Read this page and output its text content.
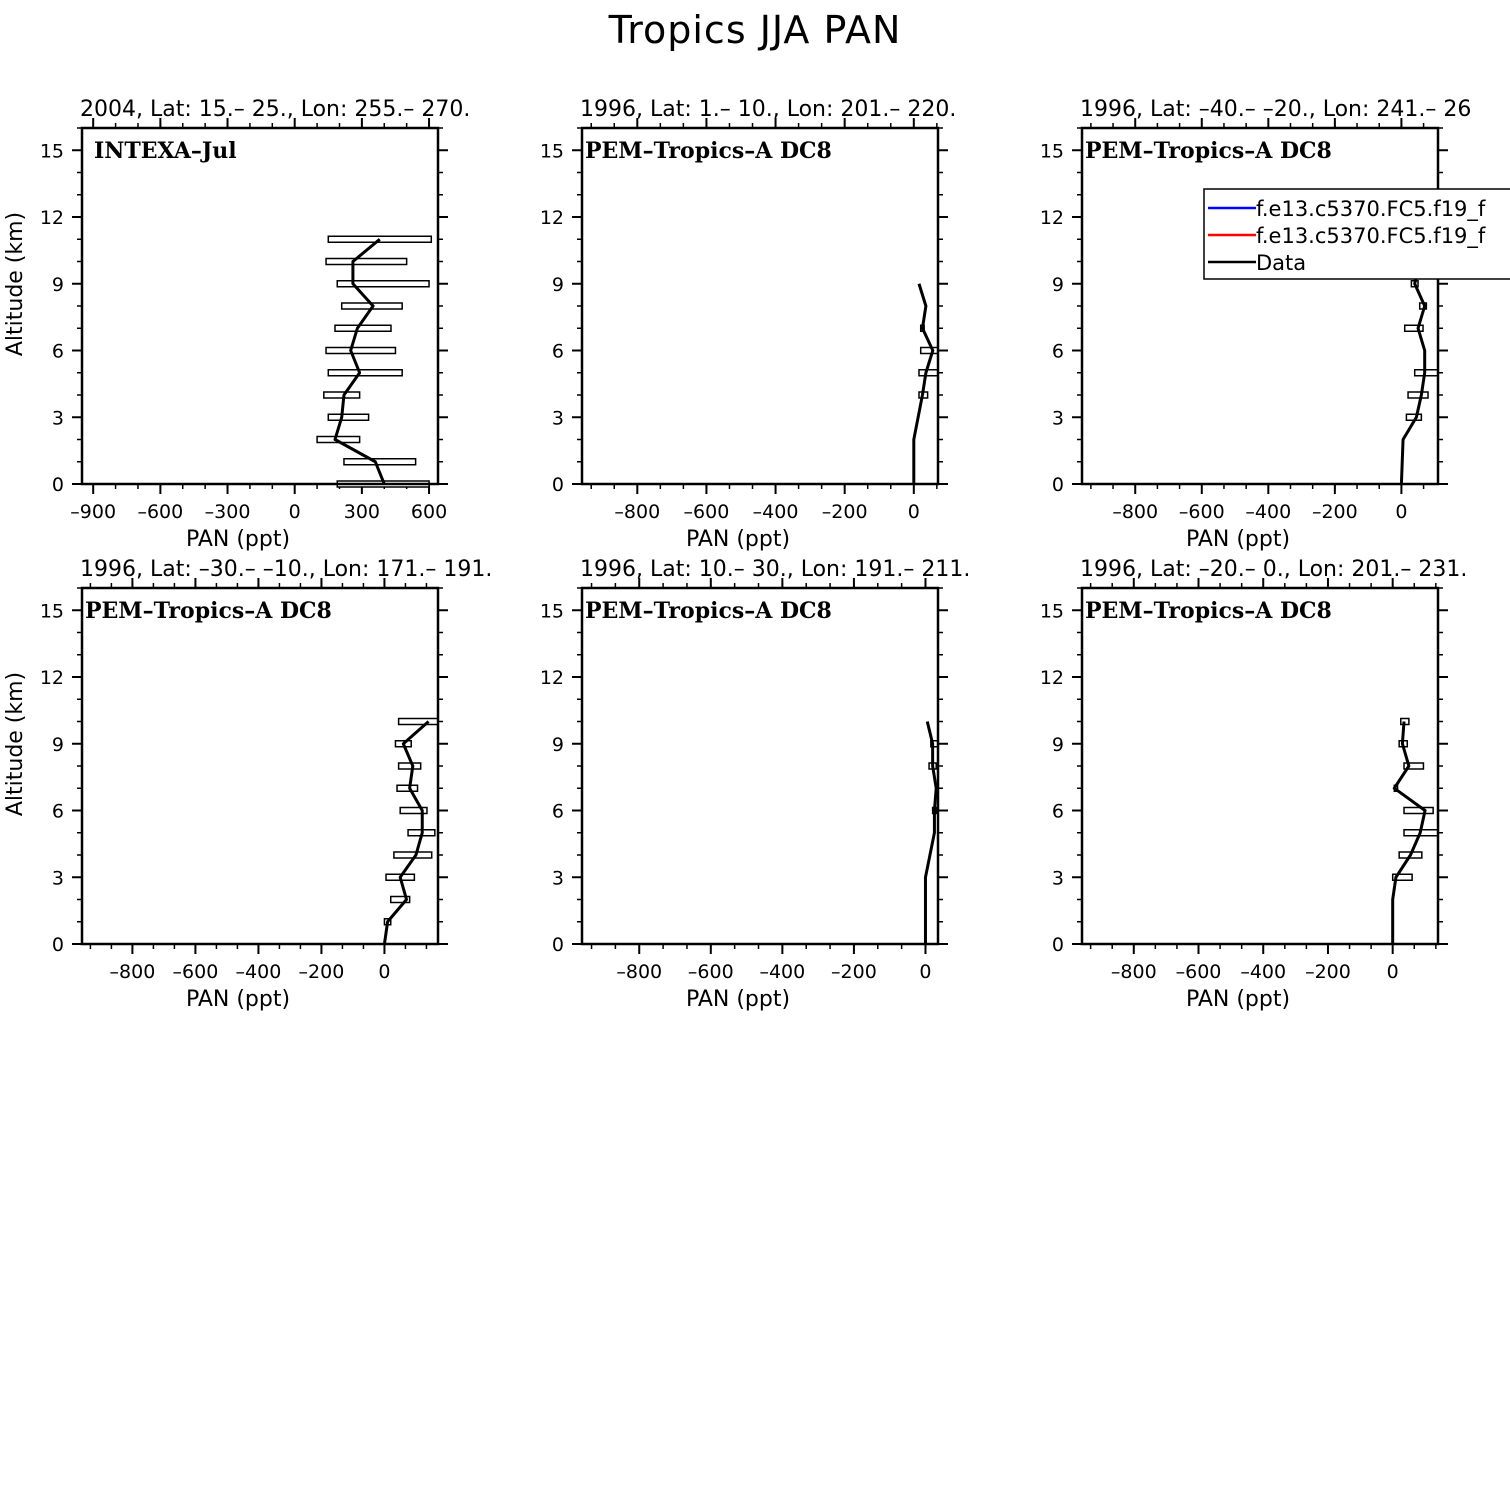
Tropics JJA PAN
2004, Lat: 15.– 25., Lon: 255.– 270.
0
3
6
9
12
15
–900 –600 –300 0 300 600
PAN (ppt)
Altitude (km)
INTEXA–Jul
1996, Lat: 1.– 10., Lon: 201.– 220.
0
3
6
9
12
15
–800 –600 –400 –200 0
PAN (ppt)
PEM–Tropics–A DC8
1996, Lat: –40.– –20., Lon: 241.– 26
0
3
6
9
12
15
–800 –600 –400 –200 0
PAN (ppt)
PEM–Tropics–A DC8
1996, Lat: –30.– –10., Lon: 171.– 191.
0
3
6
9
12
15
–800 –600 –400 –200 0
PAN (ppt)
Altitude (km)
PEM–Tropics–A DC8
1996, Lat: 10.– 30., Lon: 191.– 211.
0
3
6
9
12
15
–800 –600 –400 –200 0
PAN (ppt)
PEM–Tropics–A DC8
1996, Lat: –20.– 0., Lon: 201.– 231.
0
3
6
9
12
15
–800 –600 –400 –200 0
PAN (ppt)
PEM–Tropics–A DC8
f.e13.c5370.FC5.f19_f
f.e13.c5370.FC5.f19_f
Data
